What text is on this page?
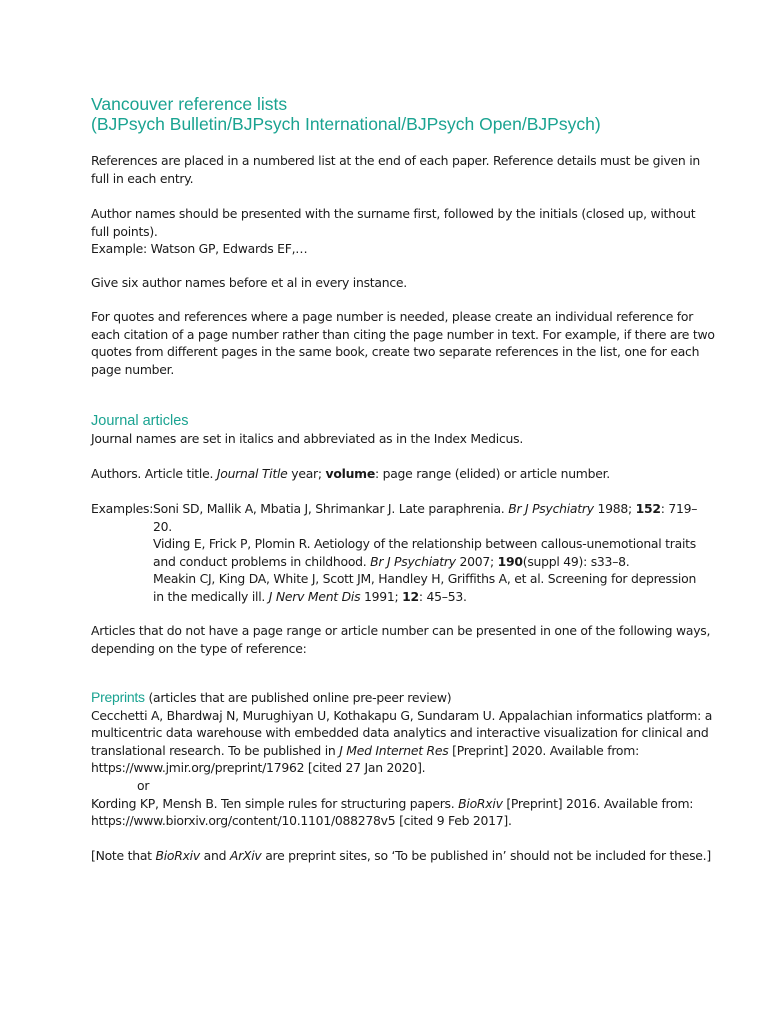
Vancouver reference lists
(BJPsych Bulletin/BJPsych International/BJPsych Open/BJPsych)
References are placed in a numbered list at the end of each paper. Reference details must be given in
full in each entry.
Author names should be presented with the surname first, followed by the initials (closed up, without
full points).
Example: Watson GP, Edwards EF,…
Give six author names before et al in every instance.
For quotes and references where a page number is needed, please create an individual reference for
each citation of a page number rather than citing the page number in text. For example, if there are two
quotes from different pages in the same book, create two separate references in the list, one for each
page number.
Journal articles
Journal names are set in italics and abbreviated as in the Index Medicus.
Authors. Article title. Journal Title year; volume: page range (elided) or article number.
Examples: Soni SD, Mallik A, Mbatia J, Shrimankar J. Late paraphrenia. Br J Psychiatry 1988; 152: 719–
20.
Viding E, Frick P, Plomin R. Aetiology of the relationship between callous-unemotional traits
and conduct problems in childhood. Br J Psychiatry 2007; 190(suppl 49): s33–8.
Meakin CJ, King DA, White J, Scott JM, Handley H, Griffiths A, et al. Screening for depression
in the medically ill. J Nerv Ment Dis 1991; 12: 45–53.
Articles that do not have a page range or article number can be presented in one of the following ways,
depending on the type of reference:
Preprints (articles that are published online pre-peer review)
Cecchetti A, Bhardwaj N, Murughiyan U, Kothakapu G, Sundaram U. Appalachian informatics platform: a
multicentric data warehouse with embedded data analytics and interactive visualization for clinical and
translational research. To be published in J Med Internet Res [Preprint] 2020. Available from:
https://www.jmir.org/preprint/17962 [cited 27 Jan 2020].
or
Kording KP, Mensh B. Ten simple rules for structuring papers. BioRxiv [Preprint] 2016. Available from:
https://www.biorxiv.org/content/10.1101/088278v5 [cited 9 Feb 2017].
[Note that BioRxiv and ArXiv are preprint sites, so ‘To be published in’ should not be included for these.]
